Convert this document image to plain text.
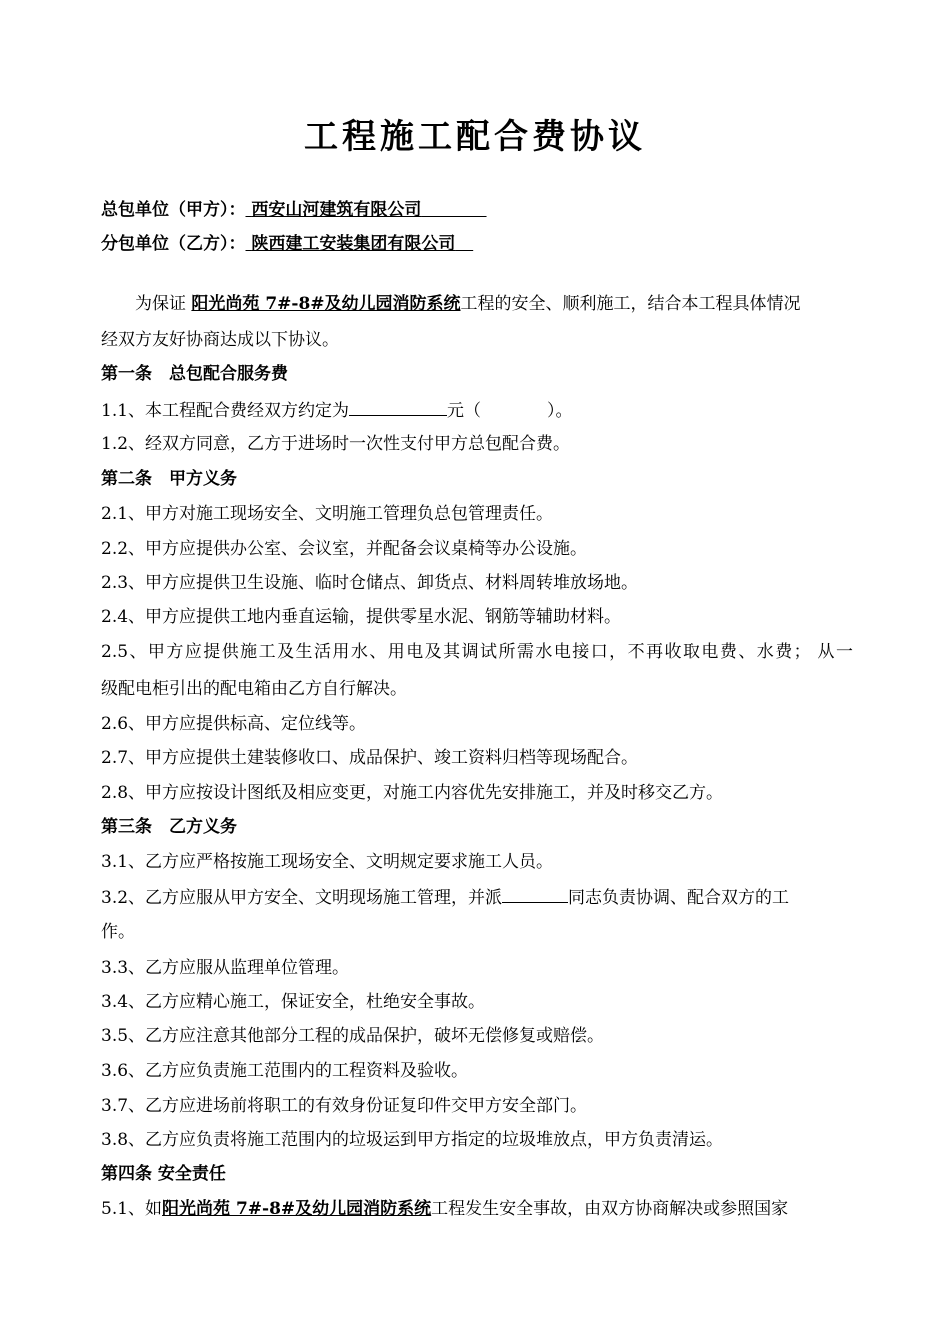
工程施工配合费协议
总包单位（甲方）： 西安山河建筑有限公司
分包单位（乙方）： 陕西建工安装集团有限公司
为保证 阳光尚苑 7#-8#及幼儿园消防系统工程的安全、顺利施工，结合本工程具体情况
经双方友好协商达成以下协议。
第一条　总包配合服务费
1.1、本工程配合费经双方约定为	元（	）。
1.2、经双方同意，乙方于进场时一次性支付甲方总包配合费。
第二条　甲方义务
2.1、甲方对施工现场安全、文明施工管理负总包管理责任。
2.2、甲方应提供办公室、会议室，并配备会议桌椅等办公设施。
2.3、甲方应提供卫生设施、临时仓储点、卸货点、材料周转堆放场地。
2.4、甲方应提供工地内垂直运输，提供零星水泥、钢筋等辅助材料。
2.5、甲方应提供施工及生活用水、用电及其调试所需水电接口，不再收取电费、水费； 从一
级配电柜引出的配电箱由乙方自行解决。
2.6、甲方应提供标高、定位线等。
2.7、甲方应提供土建装修收口、成品保护、竣工资料归档等现场配合。
2.8、甲方应按设计图纸及相应变更，对施工内容优先安排施工，并及时移交乙方。
第三条　乙方义务
3.1、乙方应严格按施工现场安全、文明规定要求施工人员。
3.2、乙方应服从甲方安全、文明现场施工管理，并派	同志负责协调、配合双方的工
作。
3.3、乙方应服从监理单位管理。
3.4、乙方应精心施工，保证安全，杜绝安全事故。
3.5、乙方应注意其他部分工程的成品保护，破坏无偿修复或赔偿。
3.6、乙方应负责施工范围内的工程资料及验收。
3.7、乙方应进场前将职工的有效身份证复印件交甲方安全部门。
3.8、乙方应负责将施工范围内的垃圾运到甲方指定的垃圾堆放点，甲方负责清运。
第四条 安全责任
5.1、如阳光尚苑 7#-8#及幼儿园消防系统工程发生安全事故，由双方协商解决或参照国家
